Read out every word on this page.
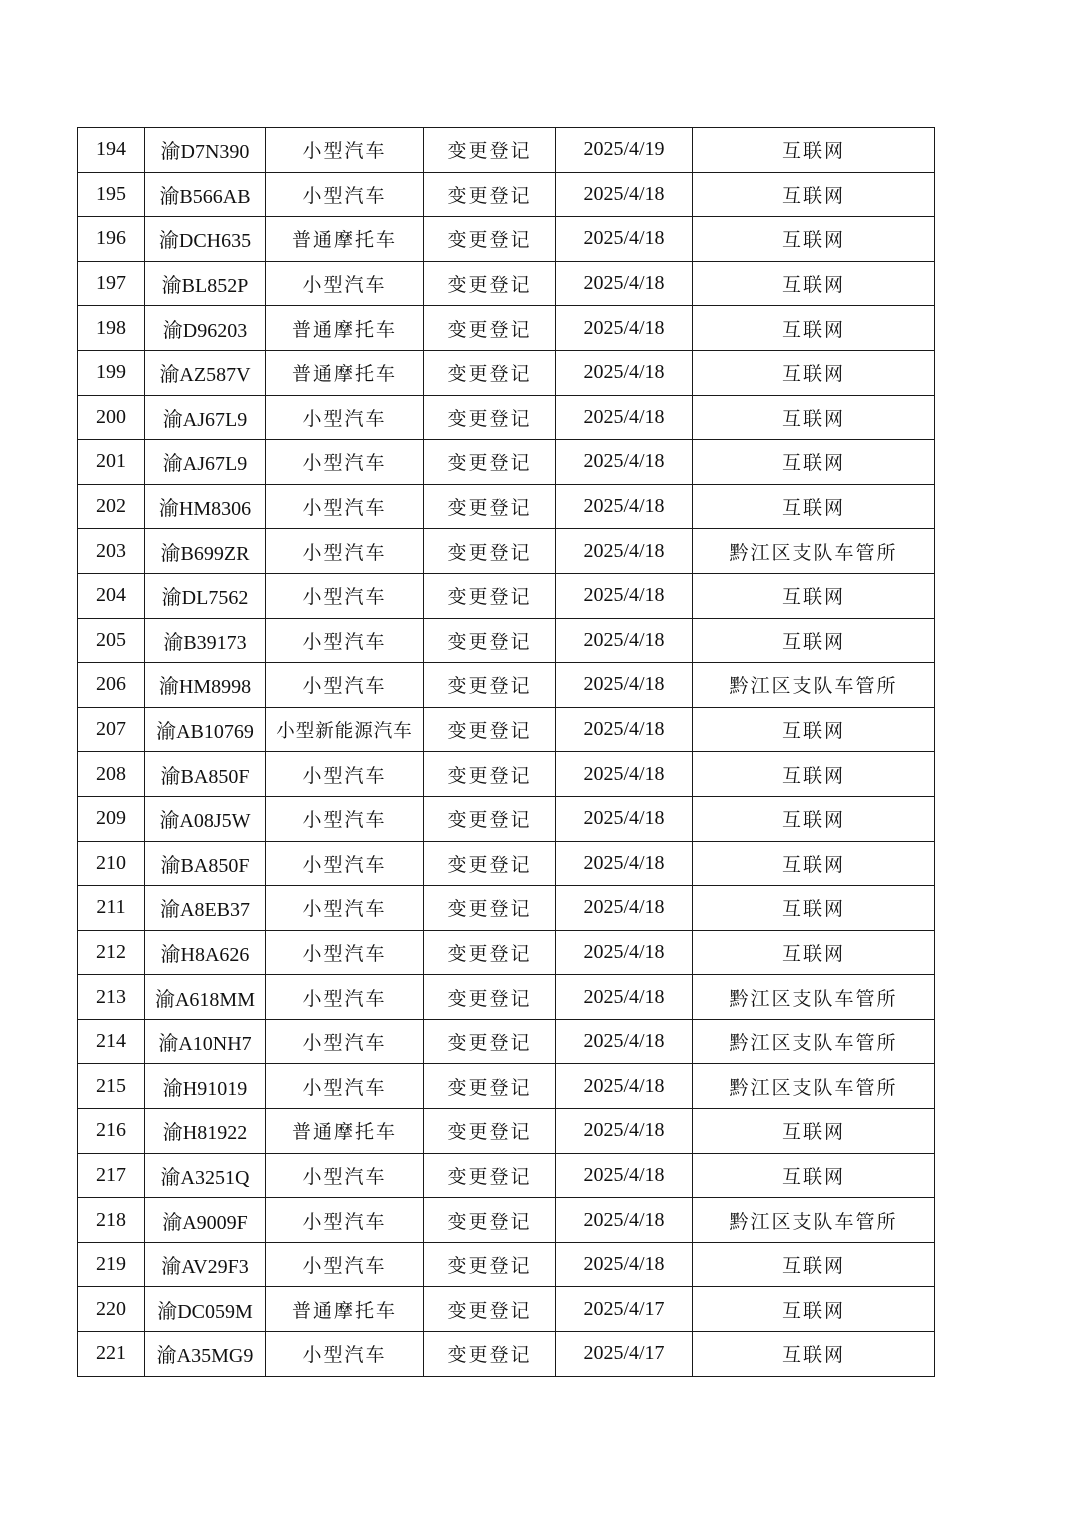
194	渝D7N390	小型汽车	变更登记	2025/4/19	互联网
195	渝B566AB	小型汽车	变更登记	2025/4/18	互联网
196	渝DCH635	普通摩托车	变更登记	2025/4/18	互联网
197	渝BL852P	小型汽车	变更登记	2025/4/18	互联网
198	渝D96203	普通摩托车	变更登记	2025/4/18	互联网
199	渝AZ587V	普通摩托车	变更登记	2025/4/18	互联网
200	渝AJ67L9	小型汽车	变更登记	2025/4/18	互联网
201	渝AJ67L9	小型汽车	变更登记	2025/4/18	互联网
202	渝HM8306	小型汽车	变更登记	2025/4/18	互联网
203	渝B699ZR	小型汽车	变更登记	2025/4/18	黔江区支队车管所
204	渝DL7562	小型汽车	变更登记	2025/4/18	互联网
205	渝B39173	小型汽车	变更登记	2025/4/18	互联网
206	渝HM8998	小型汽车	变更登记	2025/4/18	黔江区支队车管所
207	渝AB10769	小型新能源汽车	变更登记	2025/4/18	互联网
208	渝BA850F	小型汽车	变更登记	2025/4/18	互联网
209	渝A08J5W	小型汽车	变更登记	2025/4/18	互联网
210	渝BA850F	小型汽车	变更登记	2025/4/18	互联网
211	渝A8EB37	小型汽车	变更登记	2025/4/18	互联网
212	渝H8A626	小型汽车	变更登记	2025/4/18	互联网
213	渝A618MM	小型汽车	变更登记	2025/4/18	黔江区支队车管所
214	渝A10NH7	小型汽车	变更登记	2025/4/18	黔江区支队车管所
215	渝H91019	小型汽车	变更登记	2025/4/18	黔江区支队车管所
216	渝H81922	普通摩托车	变更登记	2025/4/18	互联网
217	渝A3251Q	小型汽车	变更登记	2025/4/18	互联网
218	渝A9009F	小型汽车	变更登记	2025/4/18	黔江区支队车管所
219	渝AV29F3	小型汽车	变更登记	2025/4/18	互联网
220	渝DC059M	普通摩托车	变更登记	2025/4/17	互联网
221	渝A35MG9	小型汽车	变更登记	2025/4/17	互联网
